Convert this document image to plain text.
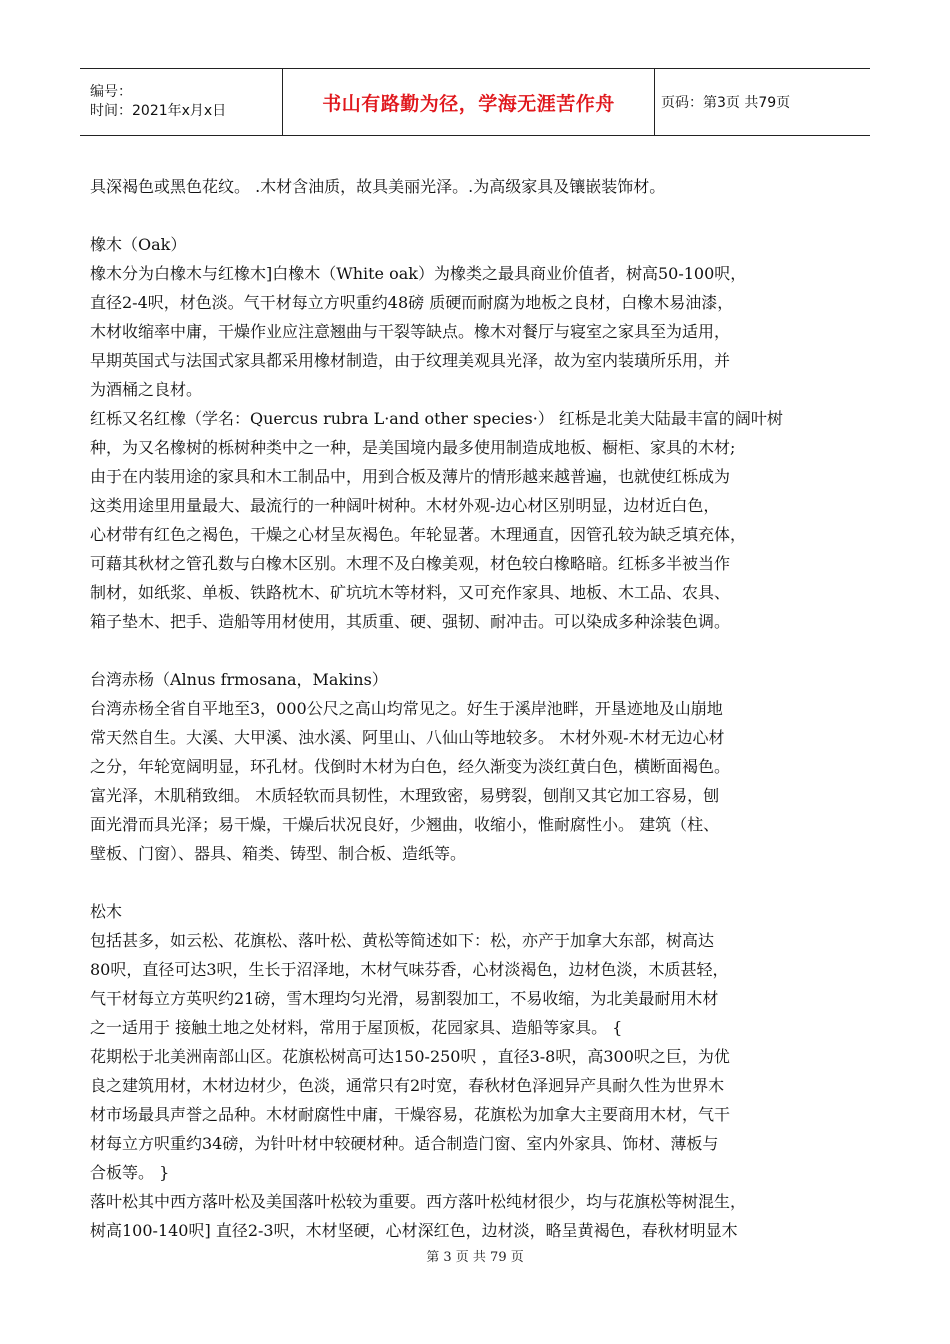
编号：
时间：2021年x月x日	书山有路勤为径，学海无涯苦作舟	页码：第3页 共79页
具深褐色或黑色花纹。 .木材含油质，故具美丽光泽。.为高级家具及镶嵌装饰材。
橡木（Oak）
橡木分为白橡木与红橡木]白橡木（White oak）为橡类之最具商业价值者，树高50-100呎，
直径2-4呎，材色淡。气干材每立方呎重约48磅 质硬而耐腐为地板之良材，白橡木易油漆，
木材收缩率中庸，干燥作业应注意翘曲与干裂等缺点。橡木对餐厅与寝室之家具至为适用，
早期英国式与法国式家具都采用橡材制造，由于纹理美观具光泽，故为室内装璜所乐用，并
为酒桶之良材。
红栎又名红橡（学名：Quercus rubra L·and other species·） 红栎是北美大陆最丰富的阔叶树
种，为又名橡树的栎树种类中之一种，是美国境内最多使用制造成地板、橱柜、家具的木材;
由于在内装用途的家具和木工制品中，用到合板及薄片的情形越来越普遍，也就使红栎成为
这类用途里用量最大、最流行的一种阔叶树种。木材外观-边心材区别明显，边材近白色，
心材带有红色之褐色，干燥之心材呈灰褐色。年轮显著。木理通直，因管孔较为缺乏填充体，
可藉其秋材之管孔数与白橡木区别。木理不及白橡美观，材色较白橡略暗。红栎多半被当作
制材，如纸浆、单板、铁路枕木、矿坑坑木等材料，又可充作家具、地板、木工品、农具、
箱子垫木、把手、造船等用材使用，其质重、硬、强韧、耐冲击。可以染成多种涂装色调。
台湾赤杨（Alnus frmosana，Makins）
台湾赤杨全省自平地至3，000公尺之高山均常见之。好生于溪岸池畔，开垦迹地及山崩地
常天然自生。大溪、大甲溪、浊水溪、阿里山、八仙山等地较多。 木材外观-木材无边心材
之分，年轮宽阔明显，环孔材。伐倒时木材为白色，经久渐变为淡红黄白色，横断面褐色。
富光泽，木肌稍致细。 木质轻软而具韧性，木理致密，易劈裂，刨削又其它加工容易，刨
面光滑而具光泽；易干燥，干燥后状况良好，少翘曲，收缩小，惟耐腐性小。 建筑（柱、
壁板、门窗）、器具、箱类、铸型、制合板、造纸等。
松木
包括甚多，如云松、花旗松、落叶松、黄松等简述如下：松，亦产于加拿大东部，树高达
80呎，直径可达3呎，生长于沼泽地，木材气味芬香，心材淡褐色，边材色淡，木质甚轻，
气干材每立方英呎约21磅，雪木理均匀光滑，易割裂加工，不易收缩，为北美最耐用木材
之一适用于 接触土地之处材料，常用于屋顶板，花园家具、造船等家具。 {
花期松于北美洲南部山区。花旗松树高可达150-250呎 ，直径3-8呎，高300呎之巨，为优
良之建筑用材，木材边材少，色淡，通常只有2吋宽，春秋材色泽迥异产具耐久性为世界木
材市场最具声誉之品种。木材耐腐性中庸，干燥容易，花旗松为加拿大主要商用木材，气干
材每立方呎重约34磅，为针叶材中较硬材种。适合制造门窗、室内外家具、饰材、薄板与
合板等。 }
落叶松其中西方落叶松及美国落叶松较为重要。西方落叶松纯材很少，均与花旗松等树混生，
树高100-140呎] 直径2-3呎，木材坚硬，心材深红色，边材淡，略呈黄褐色，春秋材明显木
第 3 页 共 79 页
